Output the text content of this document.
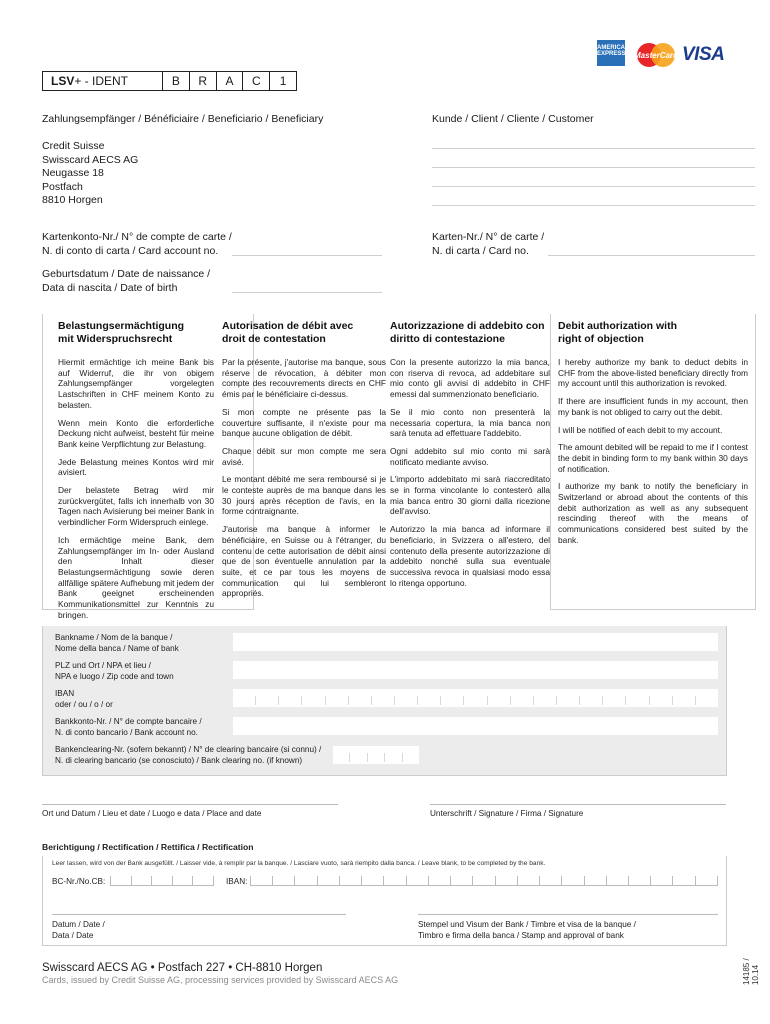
AMERICAN EXPRESS MasterCard VISA
LSV+ - IDENT	B	R	A	C	1
Zahlungsempfänger / Bénéficiaire / Beneficiario / Beneficiary
Credit Suisse
Swisscard AECS AG
Neugasse 18
Postfach
8810 Horgen
Kunde / Client / Cliente / Customer
Kartenkonto-Nr./ N° de compte de carte /
N. di conto di carta / Card account no.
Karten-Nr./ N° de carte /
N. di carta / Card no.
Geburtsdatum / Date de naissance /
Data di nascita / Date of birth
Belastungsermächtigung
mit Widerspruchsrecht

Hiermit ermächtige ich meine Bank bis auf Widerruf, die ihr von obigem Zahlungsempfänger vorgelegten Lastschriften in CHF meinem Konto zu belasten.

Wenn mein Konto die erforderliche Deckung nicht aufweist, besteht für meine Bank keine Verpflichtung zur Belastung.

Jede Belastung meines Kontos wird mir avisiert.

Der belastete Betrag wird mir zurückvergütet, falls ich innerhalb von 30 Tagen nach Avisierung bei meiner Bank in verbindlicher Form Widerspruch einlege.

Ich ermächtige meine Bank, dem Zahlungsempfänger im In- oder Ausland den Inhalt dieser Belastungsermächtigung sowie deren allfällige spätere Aufhebung mit jedem der Bank geeignet erscheinenden Kommunikationsmittel zur Kenntnis zu bringen.

Autorisation de débit avec
droit de contestation

Par la présente, j'autorise ma banque, sous réserve de révocation, à débiter mon compte des recouvrements directs en CHF émis par le bénéficiaire ci-dessus.

Si mon compte ne présente pas la couverture suffisante, il n'existe pour ma banque aucune obligation de débit.

Chaque débit sur mon compte me sera avisé.

Le montant débité me sera remboursé si je le conteste auprès de ma banque dans les 30 jours après réception de l'avis, en la forme contraignante.

J'autorise ma banque à informer le bénéficiaire, en Suisse ou à l'étranger, du contenu de cette autorisation de débit ainsi que de son éventuelle annulation par la suite, et ce par tous les moyens de communication qui lui sembleront appropriés.

Autorizzazione di addebito con
diritto di contestazione

Con la presente autorizzo la mia banca, con riserva di revoca, ad addebitare sul mio conto gli avvisi di addebito in CHF emessi dal summenzionato beneficiario.

Se il mio conto non presenterà la necessaria copertura, la mia banca non sarà tenuta ad effettuare l'addebito.

Ogni addebito sul mio conto mi sarà notificato mediante avviso.

L'importo addebitato mi sarà riaccreditato se in forma vincolante lo contesterò alla mia banca entro 30 giorni dalla ricezione dell'avviso.

Autorizzo la mia banca ad informare il beneficiario, in Svizzera o all'estero, del contenuto della presente autorizzazione di addebito nonché sulla sua eventuale successiva revoca in qualsiasi modo essa lo ritenga opportuno.

Debit authorization with
right of objection

I hereby authorize my bank to deduct debits in CHF from the above-listed beneficiary directly from my account until this authorization is revoked.

If there are insufficient funds in my account, then my bank is not obliged to carry out the debit.

I will be notified of each debit to my account.

The amount debited will be repaid to me if I contest the debit in binding form to my bank within 30 days of notification.

I authorize my bank to notify the beneficiary in Switzerland or abroad about the contents of this debit authorization as well as any subsequent rescinding thereof with the means of communications considered best suited by the bank.

Bankname / Nom de la banque /
Nome della banca / Name of bank
PLZ und Ort / NPA et lieu /
NPA e luogo / Zip code and town
IBAN
oder / ou / o / or
Bankkonto-Nr. / N° de compte bancaire /
N. di conto bancario / Bank account no.
Bankenclearing-Nr. (sofern bekannt) / N° de clearing bancaire (si connu) /
N. di clearing bancario (se conosciuto) / Bank clearing no. (if known)
Ort und Datum / Lieu et date / Luogo e data / Place and date	Unterschrift / Signature / Firma / Signature
Berichtigung / Rectification / Rettifica / Rectification
Leer lassen, wird von der Bank ausgefüllt. / Laisser vide, à remplir par la banque. / Lasciare vuoto, sarà riempito dalla banca. / Leave blank, to be completed by the bank.
BC-Nr./No.CB:	IBAN:
Datum / Date /
Data / Date
Stempel und Visum der Bank / Timbre et visa de la banque /
Timbro e firma della banca / Stamp and approval of bank
Swisscard AECS AG • Postfach 227 • CH-8810 Horgen
Cards, issued by Credit Suisse AG, processing services provided by Swisscard AECS AG	14185 / 10.14
